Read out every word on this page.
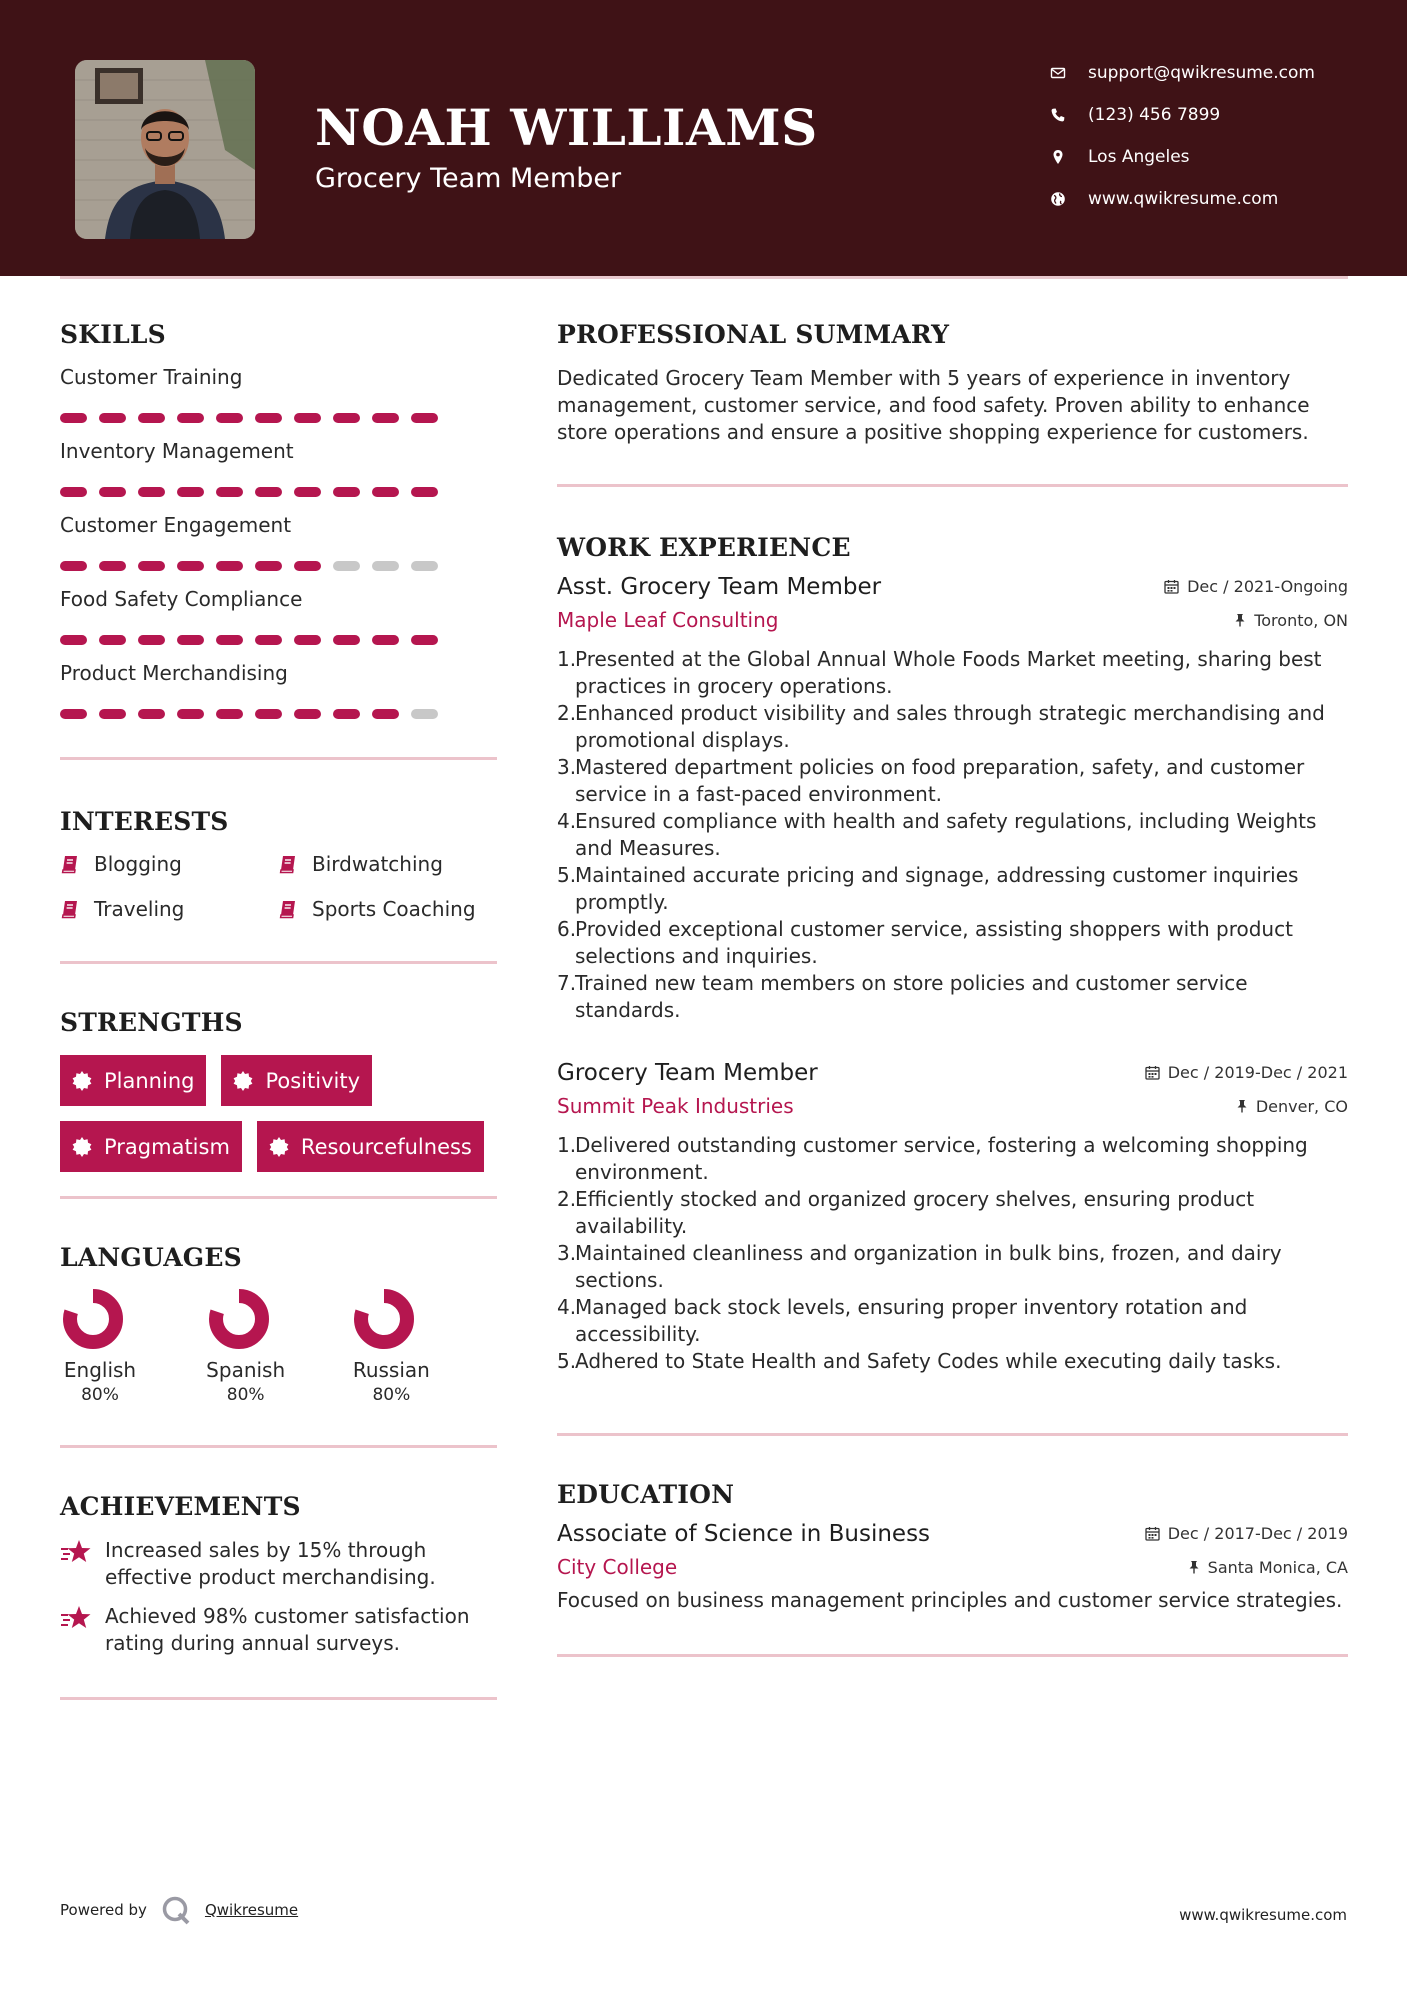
NOAH WILLIAMS
Grocery Team Member
support@qwikresume.com
(123) 456 7899
Los Angeles
www.qwikresume.com
SKILLS
Customer Training
Inventory Management
Customer Engagement
Food Safety Compliance
Product Merchandising
INTERESTS
Blogging	Birdwatching
Traveling	Sports Coaching
STRENGTHS
Planning	Positivity
Pragmatism	Resourcefulness
LANGUAGES
English
80%
Spanish
80%
Russian
80%
ACHIEVEMENTS
Increased sales by 15% through effective product merchandising.
Achieved 98% customer satisfaction rating during annual surveys.
PROFESSIONAL SUMMARY
Dedicated Grocery Team Member with 5 years of experience in inventory management, customer service, and food safety. Proven ability to enhance store operations and ensure a positive shopping experience for customers.
WORK EXPERIENCE
Asst. Grocery Team Member	Dec / 2021-Ongoing
Maple Leaf Consulting	Toronto, ON
1.
Presented at the Global Annual Whole Foods Market meeting, sharing best practices in grocery operations.
2.
Enhanced product visibility and sales through strategic merchandising and promotional displays.
3.
Mastered department policies on food preparation, safety, and customer service in a fast-paced environment.
4.
Ensured compliance with health and safety regulations, including Weights and Measures.
5.
Maintained accurate pricing and signage, addressing customer inquiries promptly.
6.
Provided exceptional customer service, assisting shoppers with product selections and inquiries.
7.
Trained new team members on store policies and customer service standards.
Grocery Team Member	Dec / 2019-Dec / 2021
Summit Peak Industries	Denver, CO
1.
Delivered outstanding customer service, fostering a welcoming shopping environment.
2.
Efficiently stocked and organized grocery shelves, ensuring product availability.
3.
Maintained cleanliness and organization in bulk bins, frozen, and dairy sections.
4.
Managed back stock levels, ensuring proper inventory rotation and accessibility.
5.
Adhered to State Health and Safety Codes while executing daily tasks.
EDUCATION
Associate of Science in Business	Dec / 2017-Dec / 2019
City College	Santa Monica, CA
Focused on business management principles and customer service strategies.
Powered by	Qwikresume	www.qwikresume.com
